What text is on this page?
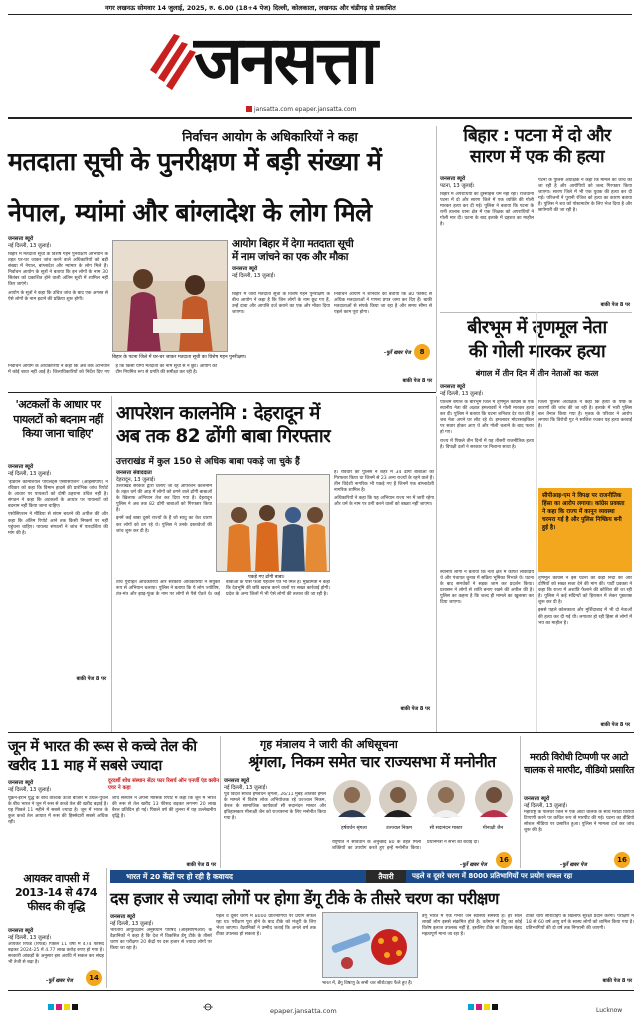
नगर लखनऊ सोमवार 14 जुलाई, 2025, रु. 6.00 (18+4 पेज) दिल्ली, कोलकाता, लखनऊ और चंडीगढ़ से प्रकाशित
जनसत्ता
jansatta.com epaper.jansatta.com
निर्वाचन आयोग के अधिकारियों ने कहा
मतदाता सूची के पुनरीक्षण में बड़ी संख्या में
नेपाल, म्यांमां और बांग्लादेश के लोग मिले
जनसत्ता ब्यूरो
नई दिल्ली, 13 जुलाई।

बिहार में मतदाता सूची के विशेष गहन पुनरीक्षण अभियान के तहत घर-घर जाकर जांच करने वाले अधिकारियों को बड़ी संख्या में नेपाल, बांग्लादेश और म्यांमार के लोग मिले हैं। निर्वाचन आयोग के सूत्रों ने बताया कि इन लोगों के नाम 30 सितंबर को प्रकाशित होने वाली अंतिम सूची में शामिल नहीं किए जाएंगे।

आयोग के सूत्रों ने कहा कि उचित जांच के बाद एक अगस्त से ऐसे लोगों के नाम हटाने की प्रक्रिया शुरू होगी।

बिहार के पटना जिले में घर-घर जाकर मतदाता सूची का विशेष गहन पुनरीक्षण।
आयोग बिहार में देगा मतदाता सूची
में नाम जांचने का एक और मौका
जनसत्ता ब्यूरो
नई दिल्ली, 13 जुलाई।

बिहार में जारी मतदाता सूची के विशेष गहन पुनरीक्षण के बीच आयोग ने कहा है कि जिन लोगों के नाम छूट गए हैं, उन्हें दावा और आपत्ति दर्ज कराने का एक और मौका दिया जाएगा।

निर्वाचन आयोग ने शनिवार को बताया कि 80 फीसद से अधिक मतदाताओं ने गणना प्रपत्र जमा कर दिए हैं। बाकी मतदाताओं से संपर्क किया जा रहा है और समय सीमा से पहले काम पूरा होगा।

-पूर्ते खबर पेज	8

निर्वाचन आयोग के अधिकारियों ने कहा कि अब तक अभियान में कोई बाधा नहीं आई है। जिलाधिकारियों को निर्देश दिए गए हैं कि किसी योग्य मतदाता का नाम सूची से न छूटे। आयोग की टीम नियमित रूप से प्रगति की समीक्षा कर रही है।

बाकी पेज 8 पर
बिहार : पटना में दो और
सारण में एक की हत्या
जनसत्ता ब्यूरो
पटना, 13 जुलाई।

बिहार में अपराधियों का दुस्साहस थम नहीं रहा। राजधानी पटना में दो और सारण जिले में एक व्यक्ति की गोली मारकर हत्या कर दी गई। पुलिस ने बताया कि पटना के रानी तालाब थाना क्षेत्र में एक शिक्षक को अपराधियों ने गोली मार दी। घटना के बाद इलाके में दहशत का माहौल है।

पटना के पुलिस अधीक्षक ने कहा कि मामले की जांच की जा रही है और आरोपियों को जल्द गिरफ्तार किया जाएगा। सारण जिले में भी एक युवक की हत्या कर दी गई। परिजनों ने पुरानी रंजिश को हत्या का कारण बताया है। पुलिस ने शव को पोस्टमार्टम के लिए भेज दिया है और छापेमारी की जा रही है।

बाकी पेज 8 पर
बीरभूम में तृणमूल नेता
की गोली मारकर हत्या
बंगाल में तीन दिन में तीन नेताओं का कत्ल
जनसत्ता ब्यूरो
नई दिल्ली, 13 जुलाई।

पश्चिम बंगाल के बीरभूम जिले में तृणमूल कांग्रेस के एक स्थानीय नेता की अज्ञात हमलावरों ने गोली मारकर हत्या कर दी। पुलिस ने बताया कि घटना शनिवार देर रात की है जब नेता अपने घर लौट रहे थे। हमलावर मोटरसाइकिल पर सवार होकर आए थे और गोली चलाने के बाद फरार हो गए।

राज्य में पिछले तीन दिनों में यह तीसरी राजनीतिक हत्या है। विपक्षी दलों ने सरकार पर निशाना साधा है।

सीपीआइ-एम ने विपक्ष पर राजनीतिक हिंसा का आरोप लगाया। कांग्रेस प्रवक्ता ने कहा कि राज्य में कानून व्यवस्था चरमरा गई है और पुलिस निष्क्रिय बनी हुई है।

जिला पुलिस अधीक्षक ने कहा कि हत्या के पीछे के कारणों की जांच की जा रही है। इलाके में भारी पुलिस बल तैनात किया गया है। मृतक के परिवार ने आरोप लगाया कि विरोधी गुट ने साजिश रचकर यह हत्या करवाई है।

तृणमूल कांग्रेस ने इस घटना की कड़ी निंदा की और दोषियों को सख्त सजा देने की मांग की। पार्टी प्रवक्ता ने कहा कि राज्य में अशांति फैलाने की कोशिश की जा रही है। पुलिस ने कई संदिग्धों को हिरासत में लेकर पूछताछ शुरू कर दी है।

इससे पहले कोलकाता और मुर्शिदाबाद में भी दो नेताओं की हत्या कर दी गई थी। लगातार हो रही हिंसा से लोगों में भय का माहौल है।

स्थानीय लोगों ने बताया कि नेता क्षेत्र में काफी लोकप्रिय थे और पंचायत चुनाव में सक्रिय भूमिका निभाते थे। घटना के बाद समर्थकों ने सड़क जाम कर प्रदर्शन किया। प्रशासन ने लोगों से शांति बनाए रखने की अपील की है। पुलिस का कहना है कि जल्द ही मामले का खुलासा कर दिया जाएगा।

बाकी पेज 8 पर
'अटकलों के आधार पर पायलटों को बदनाम नहीं किया जाना चाहिए'
जनसत्ता ब्यूरो
नई दिल्ली, 13 जुलाई।

'इंडियन कामर्शियल पायलट्स एसोसिएशन' (आइसीपीए) ने रविवार को कहा कि विमान हादसे की प्रारंभिक जांच रिपोर्ट के आधार पर पायलटों को दोषी ठहराना उचित नहीं है। संगठन ने कहा कि अटकलों के आधार पर पायलटों को बदनाम नहीं किया जाना चाहिए।

एसोसिएशन ने मीडिया से संयम बरतने की अपील की और कहा कि अंतिम रिपोर्ट आने तक किसी निष्कर्ष पर नहीं पहुंचना चाहिए। पायलट संगठनों ने जांच में पारदर्शिता की मांग की है।

बाकी पेज 8 पर
आपरेशन कालनेमि : देहरादून में
अब तक 82 ढोंगी बाबा गिरफ्तार
उत्तराखंड में कुल 150 से अधिक बाबा पकड़े जा चुके हैं
जनसत्ता संवाददाता
देहरादून, 13 जुलाई।

उत्तराखंड सरकार द्वारा चलाए जा रहे आपरेशन कालनेमि के तहत धर्म की आड़ में लोगों को ठगने वाले ढोंगी बाबाओं के खिलाफ अभियान तेज कर दिया गया है। देहरादून पुलिस ने अब तक 82 ढोंगी बाबाओं को गिरफ्तार किया है।

इनमें कई बाबा दूसरे राज्यों के हैं जो साधु का वेश धारण कर लोगों को ठग रहे थे। पुलिस ने उनके दस्तावेजों की जांच शुरू कर दी है।

पकड़े गए ढोंगी बाबा।

है। रविवार को पुलिस ने शहर में 34 ढोंगी बाबाओं को गिरफ्तार किया था जिनमें से 23 अन्य राज्यों के रहने वाले हैं। तीन विदेशी नागरिक भी पकड़े गए हैं जिनमें एक बांग्लादेशी नागरिक शामिल है।

अधिकारियों ने कहा कि यह अभियान राज्य भर में जारी रहेगा और धर्म के नाम पर ठगी करने वालों को बख्शा नहीं जाएगा।

तीर्थ पुरोहित अधिकारियों और सरकारी अधिकारियों ने संयुक्त रूप से अभियान चलाया। पुलिस ने बताया कि ये लोग ज्योतिष, तंत्र-मंत्र और झाड़-फूंक के नाम पर लोगों से पैसे ऐंठते थे। कई बाबाओं के पास फर्जी पहचान पत्र भी मिले हैं। मुख्यमंत्री ने कहा कि देवभूमि की छवि खराब करने वालों पर सख्त कार्रवाई होगी। प्रदेश के अन्य जिलों में भी ऐसे लोगों की तलाश की जा रही है।

बाकी पेज 8 पर
गृह मंत्रालय ने जारी की अधिसूचना
जून में भारत की रूस से कच्चे तेल की खरीद 11 माह में सबसे ज्यादा
जनसत्ता ब्यूरो
नई दिल्ली, 13 जुलाई।
दूरदर्शी शोध संस्थान सेंटर फार रिसर्च ऑन एनर्जी एंड क्लीन एयर ने कहा

यूक्रेन-ईरान युद्ध के बीच वैश्विक ऊर्जा बाजार में उथल-पुथल के बीच भारत ने जून में रूस से कच्चे तेल की खरीद बढ़ाई है। यह पिछले 11 महीने में सबसे ज्यादा है। जून में भारत के कुल कच्चे तेल आयात में रूस की हिस्सेदारी सबसे अधिक रही।

शोध संस्थान ने अपनी मासिक रिपोर्ट में कहा कि जून में भारत की रूस से तेल खरीद 13 फीसद बढ़कर लगभग 20 लाख बैरल प्रतिदिन हो गई। पिछले वर्ष की तुलना में यह उल्लेखनीय वृद्धि है।

बाकी पेज 8 पर
श्रृंगला, निकम समेत चार राज्यसभा में मनोनीत
जनसत्ता ब्यूरो
नई दिल्ली, 13 जुलाई।

पूर्व विदेश सचिव हर्षवर्धन श्रृंगला, 26/11 मुंबई आतंकी हमले के मामले में विशेष लोक अभियोजक रहे उज्ज्वल निकम, केरल के सामाजिक कार्यकर्ता सी सदानंदन मास्टर और इतिहासकार मीनाक्षी जैन को राज्यसभा के लिए मनोनीत किया गया है।

हर्षवर्धन श्रृंगला	उज्ज्वल निकम	सी सदानंदन मास्टर	मीनाक्षी जैन

राष्ट्रपति ने संविधान के अनुच्छेद 80 के तहत मिली शक्तियों का उपयोग करते हुए इन्हें मनोनीत किया। प्रधानमंत्री ने सभी को बधाई दी।

-पूर्ते खबर पेज
16
मराठी विरोधी टिप्पणी पर आटो चालक से मारपीट, वीडियो प्रसारित
जनसत्ता ब्यूरो
नई दिल्ली, 13 जुलाई।

महाराष्ट्र के पालघर जिले में एक आटो चालक के साथ मराठी विरोधी टिप्पणी करने पर कथित रूप से मारपीट की गई। घटना का वीडियो सोशल मीडिया पर प्रसारित हुआ। पुलिस ने मामला दर्ज कर जांच शुरू की है।

-पूर्ते खबर पेज
16
भारत में 20 केंद्रों पर हो रही है कवायद	तैयारी	पहले व दूसरे चरण में 8000 प्रतिभागियों पर प्रयोग सफल रहा
आयकर वापसी में 2013-14 से 474 फीसद की वृद्धि
जनसत्ता ब्यूरो
नई दिल्ली, 13 जुलाई।

आयकर रिफंड (रिफंड) पिछले 11 वर्षों में 474 फीसद बढ़कर 2024-25 में 4.77 लाख करोड़ रुपए हो गया है। सरकारी आंकड़ों के अनुसार इस अवधि में सकल कर संग्रह भी तेजी से बढ़ा है।

-पूर्ते खबर पेज	14
दस हजार से ज्यादा लोगों पर होगा डेंगू टीके के तीसरे चरण का परीक्षण
जनसत्ता ब्यूरो
नई दिल्ली, 13 जुलाई।

भारतीय आयुर्विज्ञान अनुसंधान परिषद (आइसीएमआर) के वैज्ञानिकों ने कहा है कि देश में विकसित डेंगू टीके के तीसरे चरण का परीक्षण 20 केंद्रों पर दस हजार से ज्यादा लोगों पर किया जा रहा है।

पहले व दूसरे चरण में 8000 प्रतिभागियों पर प्रयोग सफल रहा था। परीक्षण पूरा होने के बाद टीके को मंजूरी के लिए भेजा जाएगा। वैज्ञानिकों ने उम्मीद जताई कि अगले वर्ष तक टीका उपलब्ध हो सकता है।

भारत में, डेंगू विषाणु के सभी चार सीरोटाइप फैले हुए हैं।

डेंगू भारत में एक गंभीर जन स्वास्थ्य समस्या है। हर साल लाखों लोग इससे संक्रमित होते हैं। वर्तमान में डेंगू का कोई विशेष इलाज उपलब्ध नहीं है, इसलिए टीके का विकास बेहद महत्वपूर्ण माना जा रहा है।

टीका चारों सीरोटाइप के खिलाफ सुरक्षा प्रदान करेगा। परीक्षण में 18 से 60 वर्ष आयु वर्ग के स्वस्थ लोगों को शामिल किया गया है। प्रतिभागियों की दो वर्ष तक निगरानी की जाएगी।

बाकी पेज 8 पर
epaper.jansatta.com	Lucknow
